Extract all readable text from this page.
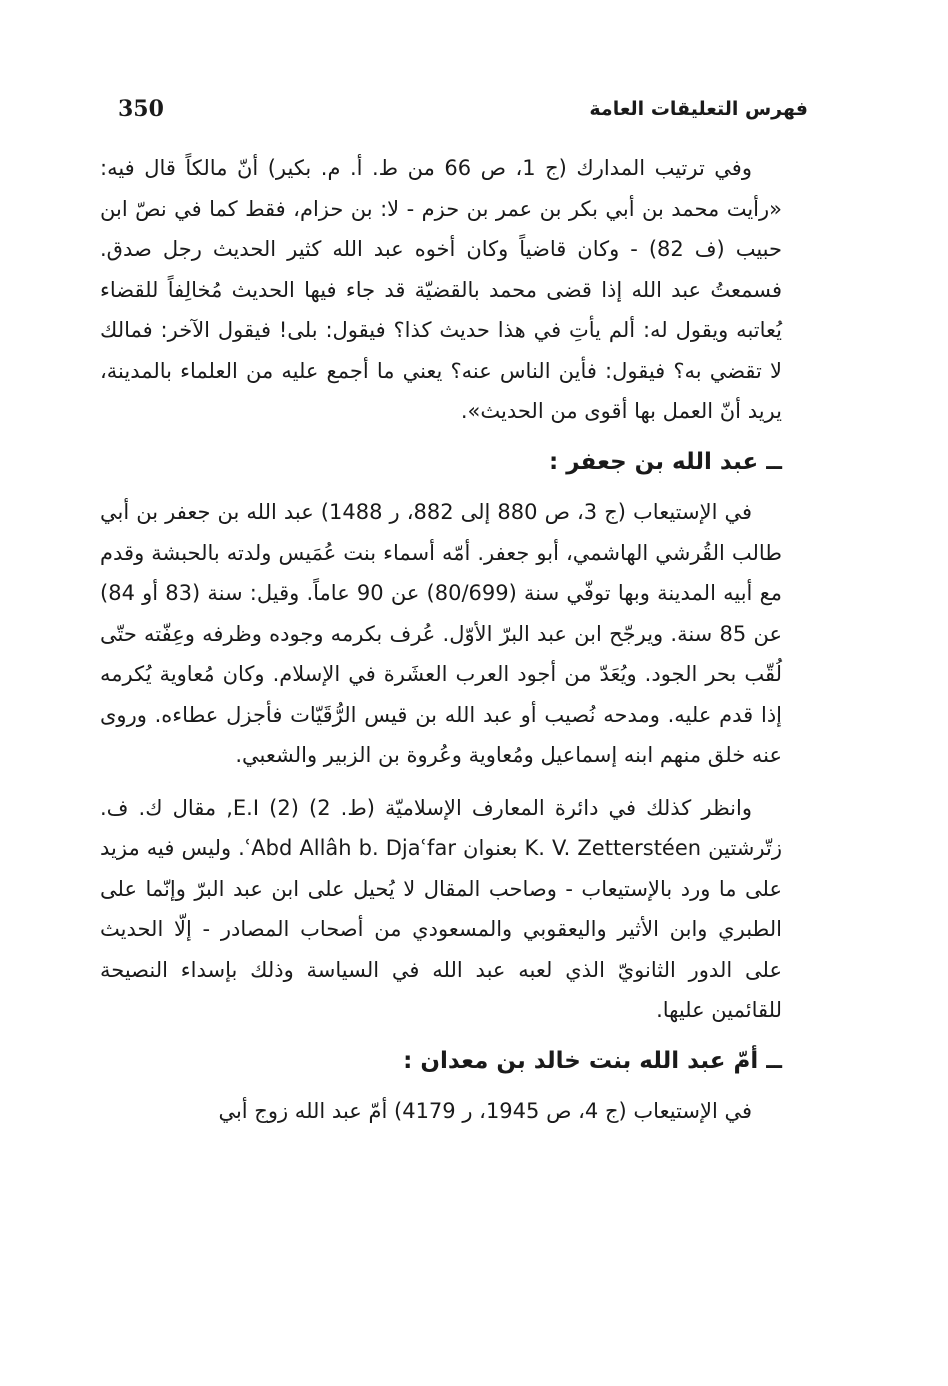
350	فهرس التعليقات العامة

وفي ترتيب المدارك (ج 1، ص 66 من ط. أ. م. بكير) أنّ مالكاً قال فيه: «رأيت محمد بن أبي بكر بن عمر بن حزم - لا: بن حزام، فقط كما في نصّ ابن حبيب (ف 82) - وكان قاضياً وكان أخوه عبد الله كثير الحديث رجل صدق. فسمعتُ عبد الله إذا قضى محمد بالقضيّة قد جاء فيها الحديث مُخالِفاً للقضاء يُعاتبه ويقول له: ألم يأتِ في هذا حديث كذا؟ فيقول: بلى! فيقول الآخر: فمالك لا تقضي به؟ فيقول: فأين الناس عنه؟ يعني ما أجمع عليه من العلماء بالمدينة، يريد أنّ العمل بها أقوى من الحديث».

ــ عبد الله بن جعفر :

في الإستيعاب (ج 3، ص 880 إلى 882، ر 1488) عبد الله بن جعفر بن أبي طالب القُرشي الهاشمي، أبو جعفر. أمّه أسماء بنت عُمَيس ولدته بالحبشة وقدم مع أبيه المدينة وبها توفّي سنة (80/699) عن 90 عاماً. وقيل: سنة (83 أو 84) عن 85 سنة. ويرجّح ابن عبد البرّ الأوّل. عُرف بكرمه وجوده وظرفه وعِفّته حتّى لُقّب بحر الجود. ويُعَدّ من أجود العرب العشَرة في الإسلام. وكان مُعاوية يُكرمه إذا قدم عليه. ومدحه نُصيب أو عبد الله بن قيس الرُّقَيّات فأجزل عطاءه. وروى عنه خلق منهم ابنه إسماعيل ومُعاوية وعُروة بن الزبير والشعبي.

وانظر كذلك في دائرة المعارف الإسلاميّة (ط. 2) (2) E.I, مقال ك. ف. زتّرشتين K. V. Zetterstéen بعنوان ʿAbd Allâh b. Djaʿfar. وليس فيه مزيد على ما ورد بالإستيعاب - وصاحب المقال لا يُحيل على ابن عبد البرّ وإنّما على الطبري وابن الأثير واليعقوبي والمسعودي من أصحاب المصادر - إلّا الحديث على الدور الثانويّ الذي لعبه عبد الله في السياسة وذلك بإسداء النصيحة للقائمين عليها.

ــ أمّ عبد الله بنت خالد بن معدان :

في الإستيعاب (ج 4، ص 1945، ر 4179) أمّ عبد الله زوج أبي
